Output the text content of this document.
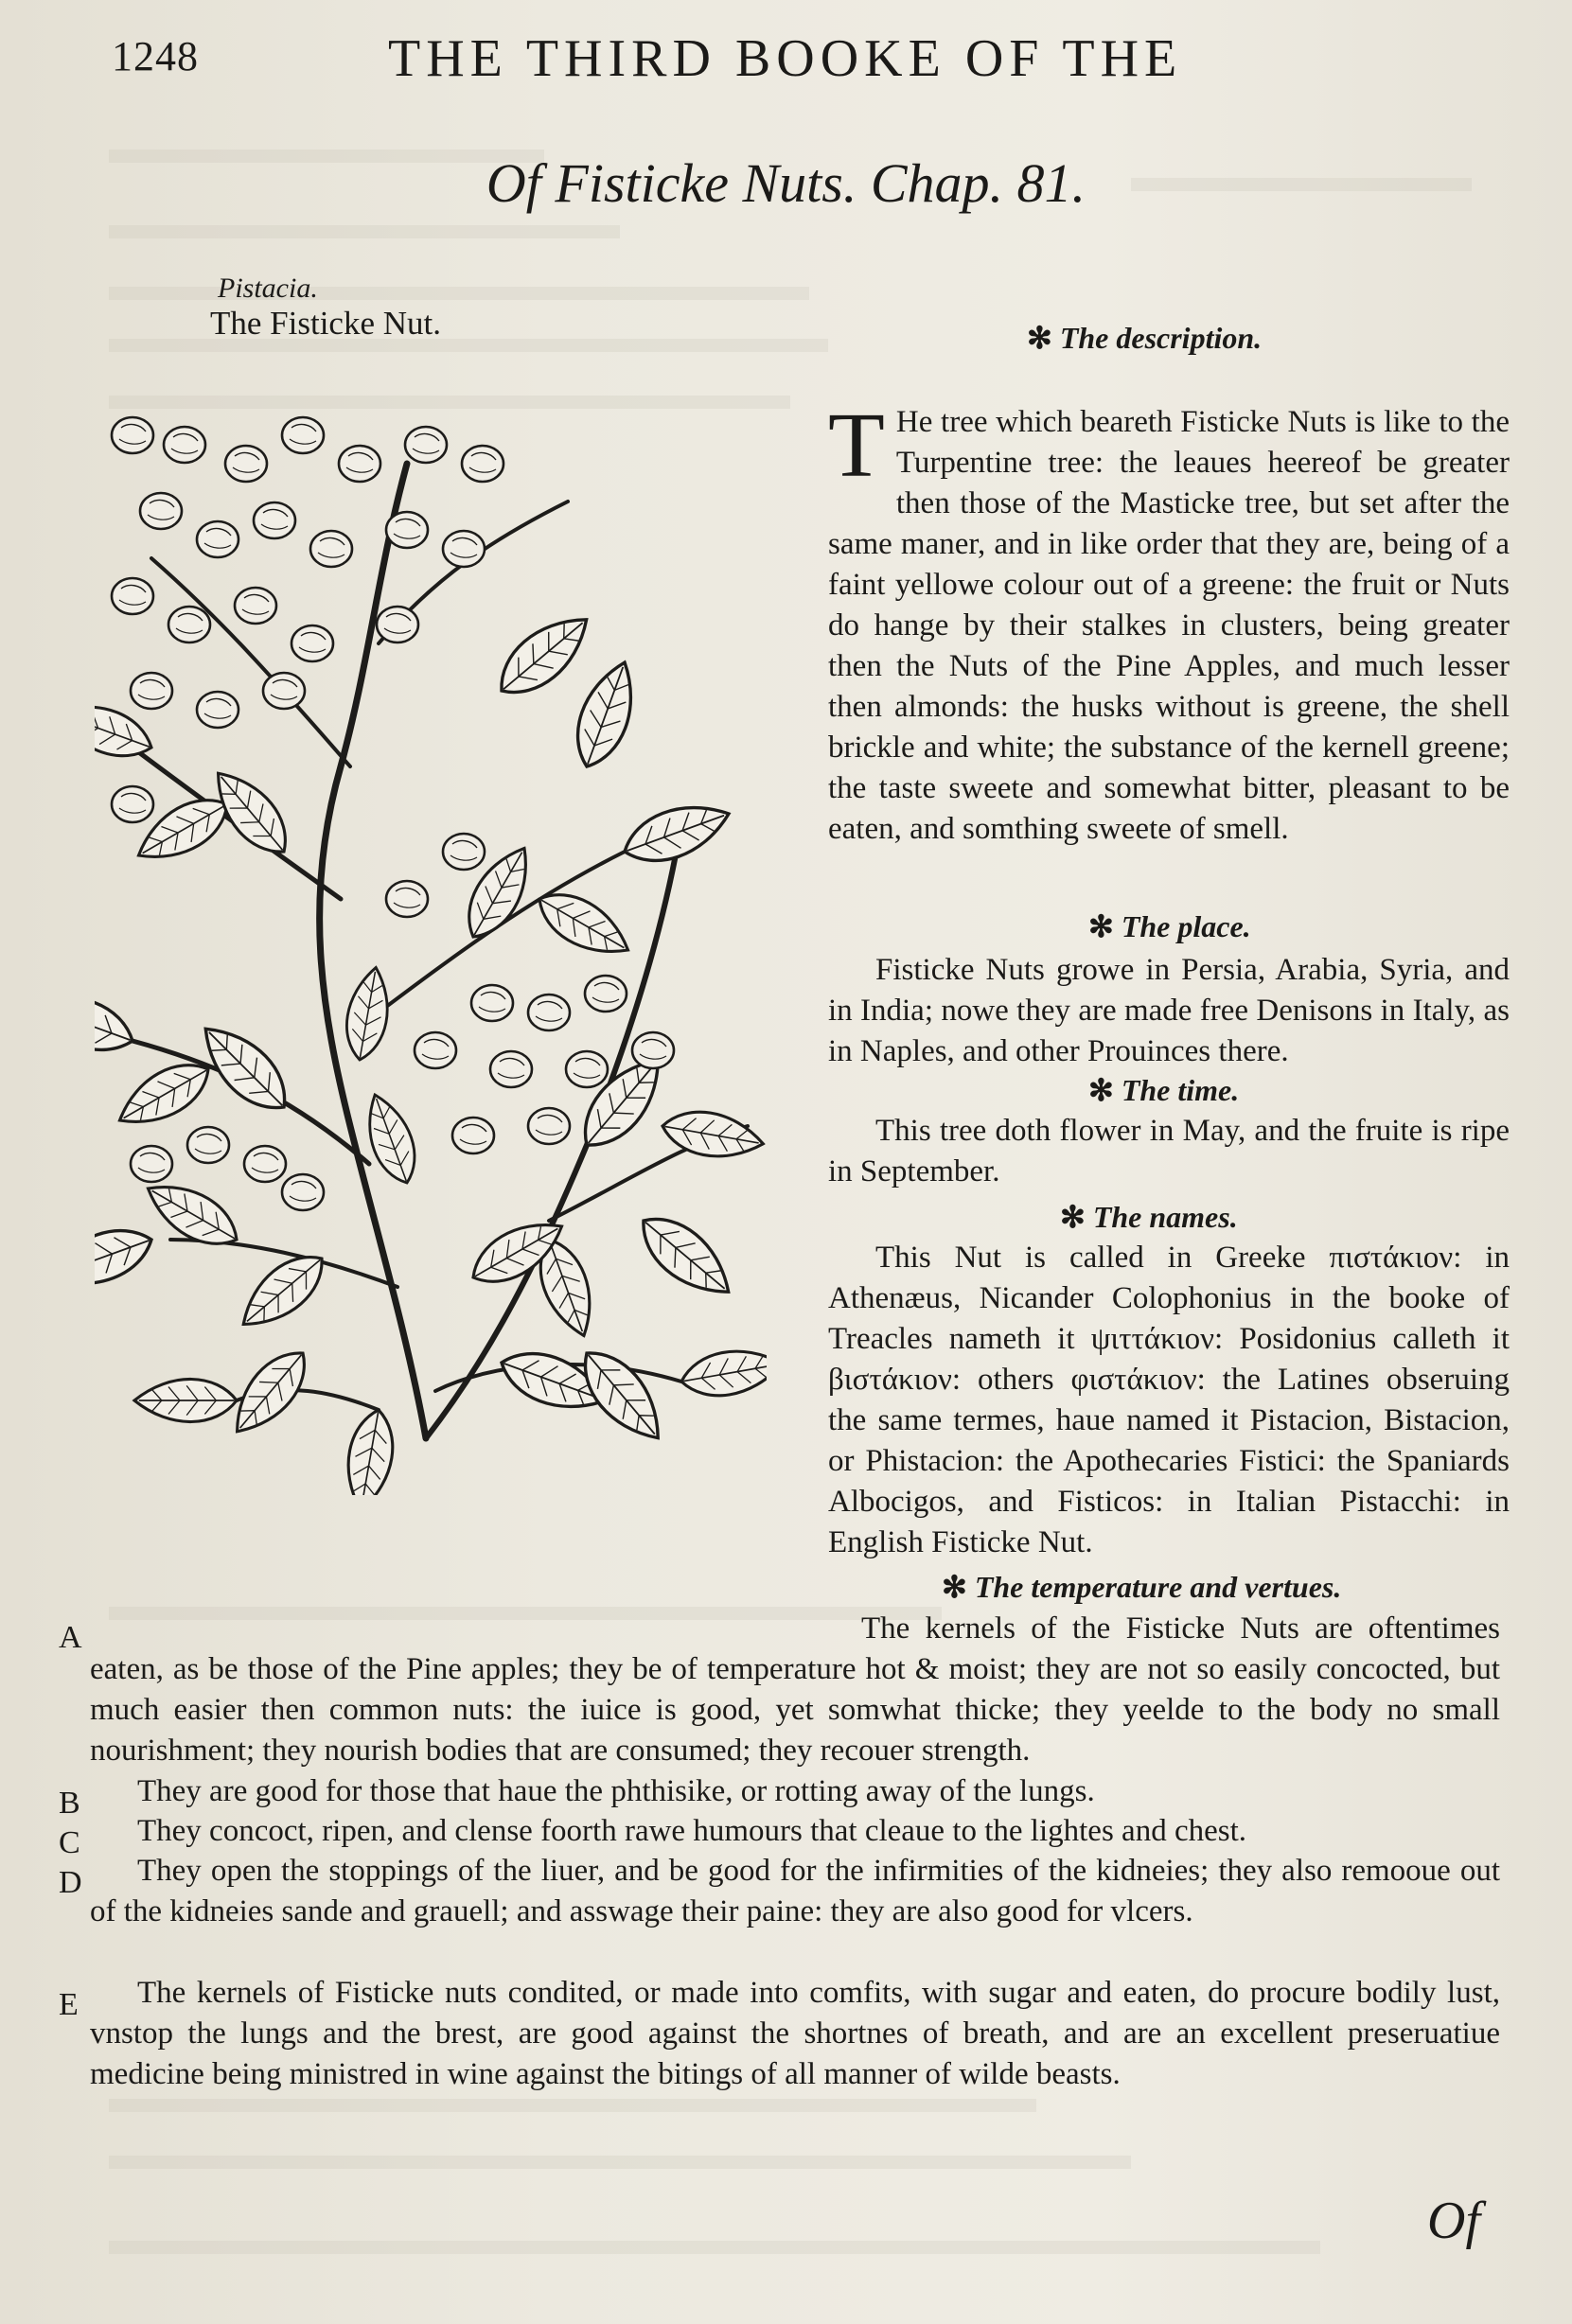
1248	THE THIRD BOOKE OF THE
Of Fisticke Nuts. Chap. 81.
Pistacia.
The Fisticke Nut.	✻ The description.
T He tree which beareth Fisticke Nuts is like to the Turpentine tree: the leaues heereof be greater then those of the Masticke tree, but set after the same maner, and in like order that they are, being of a faint yellowe colour out of a greene: the fruit or Nuts do hange by their stalkes in clusters, being greater then the Nuts of the Pine Apples, and much lesser then almonds: the husks without is greene, the shell brickle and white; the substance of the kernell greene; the taste sweete and somewhat bitter, pleasant to be eaten, and somthing sweete of smell.
✻ The place.

Fisticke Nuts growe in Persia, Arabia, Syria, and in India; nowe they are made free Denisons in Italy, as in Naples, and other Prouinces there.

✻ The time.

This tree doth flower in May, and the fruite is ripe in September.

✻ The names.

This Nut is called in Greeke πιστάκιον: in Athenæus, Nicander Colophonius in the booke of Treacles nameth it ψιττάκιον: Posidonius calleth it βιστάκιον: others φιστάκιον: the Latines obseruing the same termes, haue named it Pistacion, Bistacion, or Phistacion: the Apothecaries Fistici: the Spaniards Albocigos, and Fisticos: in Italian Pistacchi: in English Fisticke Nut.

✻ The temperature and vertues.
A	The kernels of the Fisticke Nuts are oftentimes eaten, as be those of the Pine apples; they be of temperature hot & moist; they are not so easily concocted, but much easier then common nuts: the iuice is good, yet somwhat thicke; they yeelde to the body no small nourishment; they nourish bodies that are consumed; they recouer strength.

B	They are good for those that haue the phthisike, or rotting away of the lungs.

C	They concoct, ripen, and clense foorth rawe humours that cleaue to the lightes and chest.

D	They open the stoppings of the liuer, and be good for the infirmities of the kidneies; they also remooue out of the kidneies sande and grauell; and asswage their paine: they are also good for vlcers.

E	The kernels of Fisticke nuts condited, or made into comfits, with sugar and eaten, do procure bodily lust, vnstop the lungs and the brest, are good against the shortnes of breath, and are an excellent preseruatiue medicine being ministred in wine against the bitings of all manner of wilde beasts.

Of
